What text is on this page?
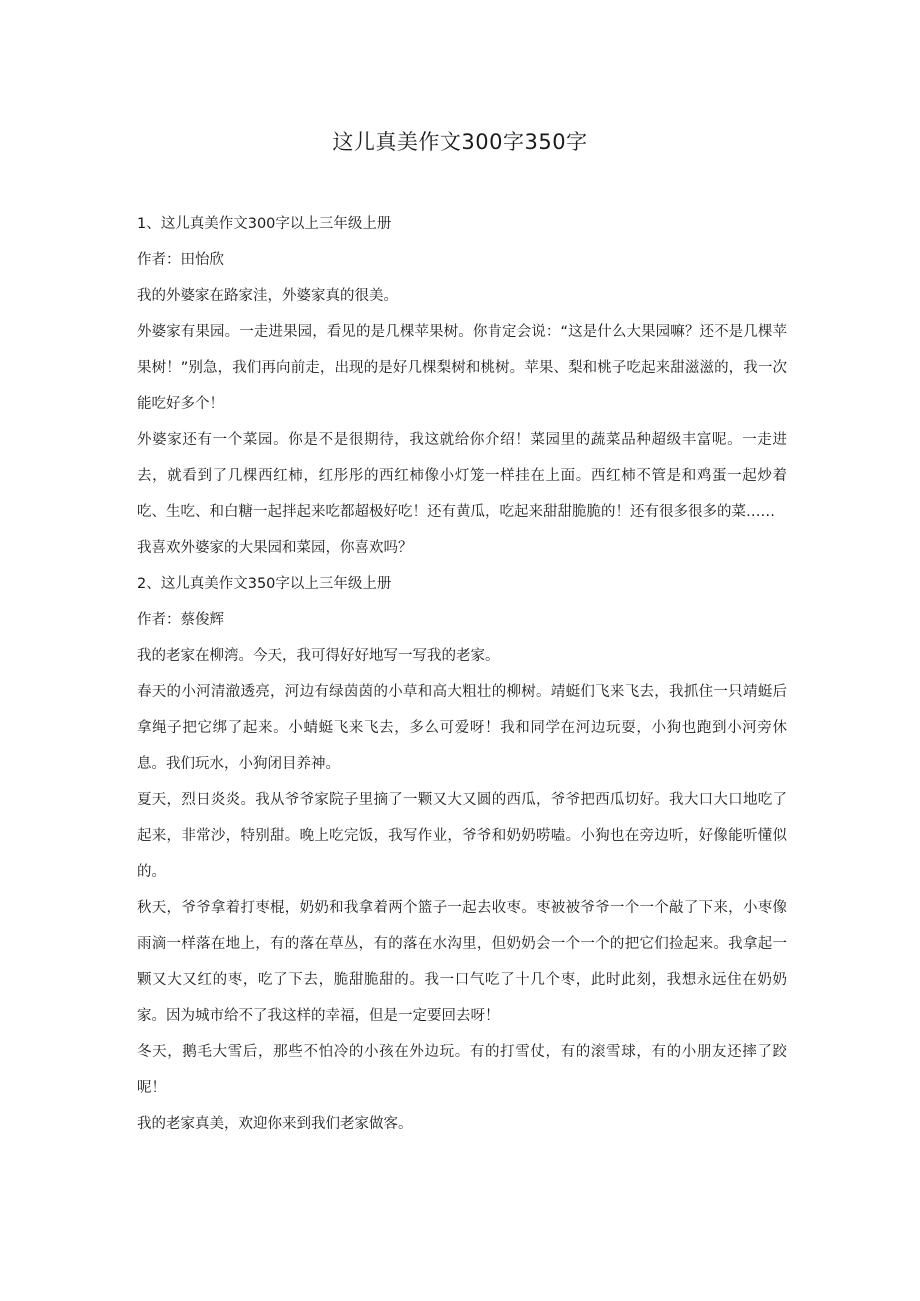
这儿真美作文300字350字

1、这儿真美作文300字以上三年级上册

作者：田怡欣

我的外婆家在路家洼，外婆家真的很美。

外婆家有果园。一走进果园，看见的是几棵苹果树。你肯定会说：“这是什么大果园嘛？还不是几棵苹果树！”别急，我们再向前走，出现的是好几棵梨树和桃树。苹果、梨和桃子吃起来甜滋滋的，我一次能吃好多个！

外婆家还有一个菜园。你是不是很期待，我这就给你介绍！菜园里的蔬菜品种超级丰富呢。一走进去，就看到了几棵西红柿，红彤彤的西红柿像小灯笼一样挂在上面。西红柿不管是和鸡蛋一起炒着吃、生吃、和白糖一起拌起来吃都超极好吃！还有黄瓜，吃起来甜甜脆脆的！还有很多很多的菜……

我喜欢外婆家的大果园和菜园，你喜欢吗？

2、这儿真美作文350字以上三年级上册

作者：蔡俊辉

我的老家在柳湾。今天，我可得好好地写一写我的老家。

春天的小河清澈透亮，河边有绿茵茵的小草和高大粗壮的柳树。靖蜓们飞来飞去，我抓住一只靖蜓后拿绳子把它绑了起来。小蜻蜓飞来飞去，多么可爱呀！我和同学在河边玩耍，小狗也跑到小河旁休息。我们玩水，小狗闭目养神。

夏天，烈日炎炎。我从爷爷家院子里摘了一颗又大又圆的西瓜，爷爷把西瓜切好。我大口大口地吃了起来，非常沙，特别甜。晚上吃完饭，我写作业，爷爷和奶奶唠嗑。小狗也在旁边听，好像能听懂似的。

秋天，爷爷拿着打枣棍，奶奶和我拿着两个篮子一起去收枣。枣被被爷爷一个一个敲了下来，小枣像雨滴一样落在地上，有的落在草丛，有的落在水沟里，但奶奶会一个一个的把它们捡起来。我拿起一颗又大又红的枣，吃了下去，脆甜脆甜的。我一口气吃了十几个枣，此时此刻，我想永远住在奶奶家。因为城市给不了我这样的幸福，但是一定要回去呀！

冬天，鹅毛大雪后，那些不怕冷的小孩在外边玩。有的打雪仗，有的滚雪球，有的小朋友还摔了跤呢！

我的老家真美，欢迎你来到我们老家做客。
